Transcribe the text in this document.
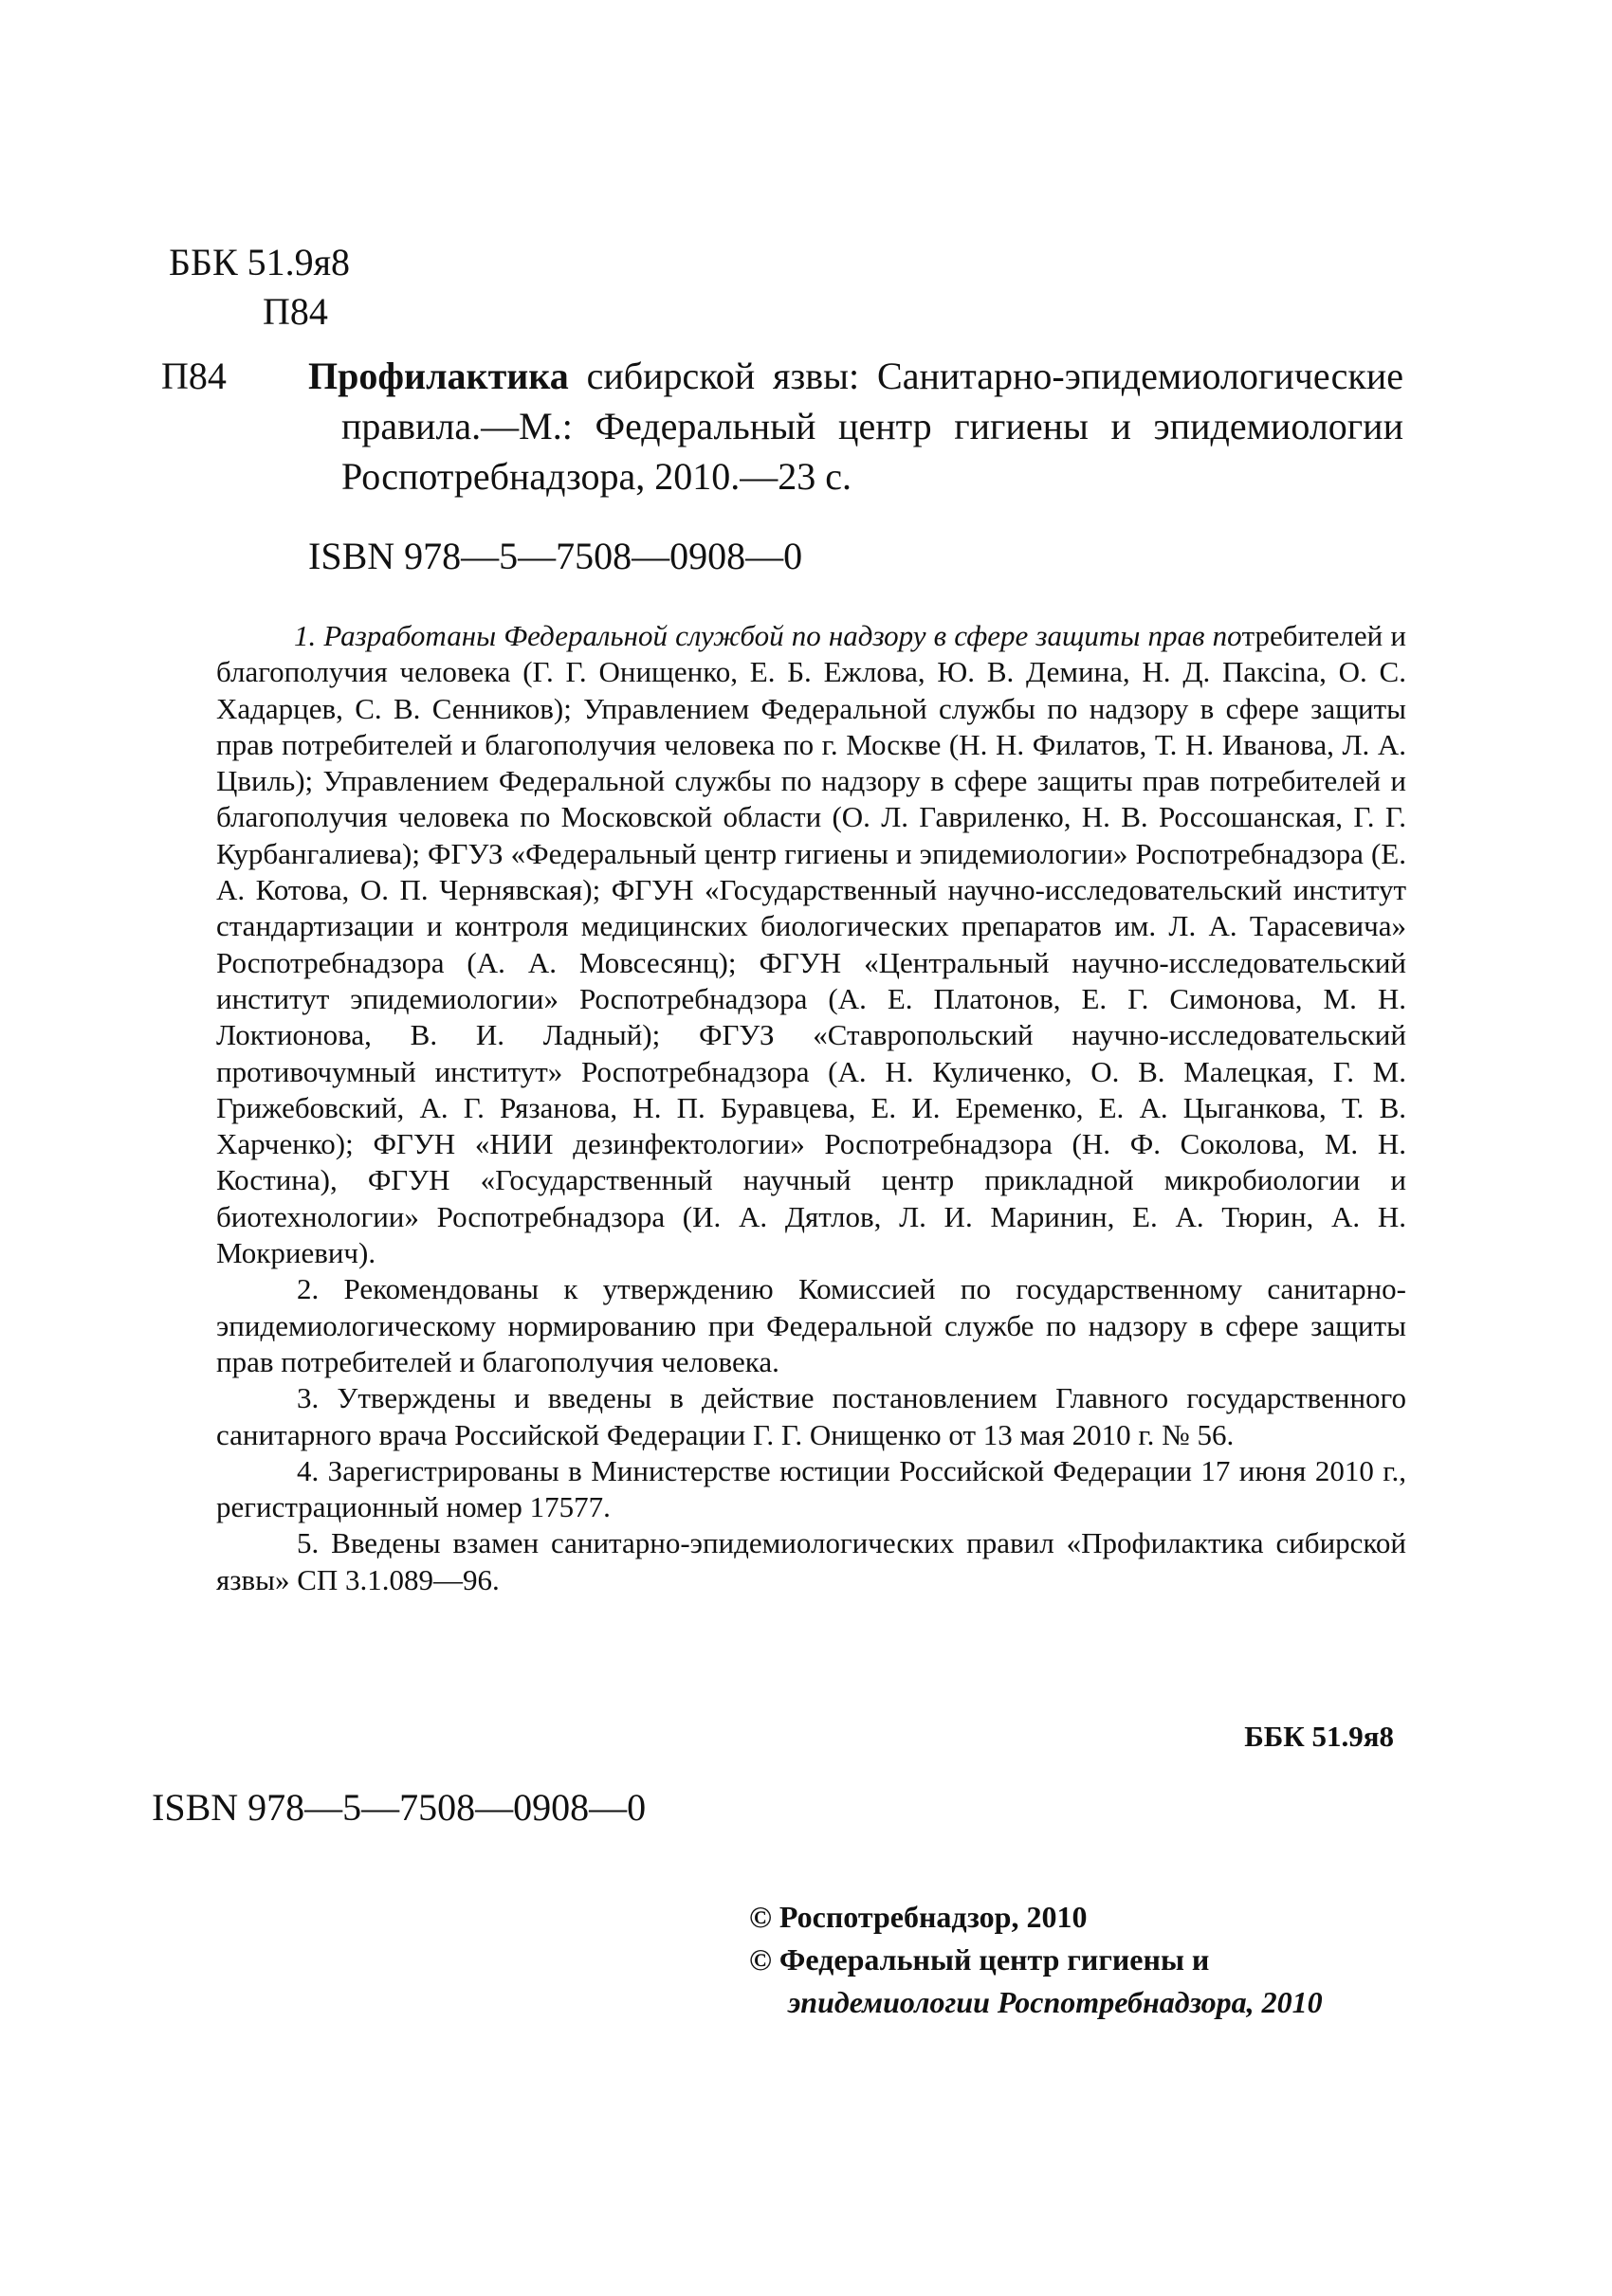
ББК 51.9я8
П84
П84 Профилактика сибирской язвы: Санитарно-эпидемиологические правила.—М.: Федеральный центр гигиены и эпидемиологии Роспотребнадзора, 2010.—23 с.
ISBN 978—5—7508—0908—0

1. Разработаны Федеральной службой по надзору в сфере защиты прав потребителей и благополучия человека (Г. Г. Онищенко, Е. Б. Ежлова, Ю. В. Демина, Н. Д. Паксina, О. С. Хадарцев, С. В. Сенников); Управлением Федеральной службы по надзору в сфере защиты прав потребителей и благополучия человека по г. Москве (Н. Н. Филатов, Т. Н. Иванова, Л. А. Цвиль); Управлением Федеральной службы по надзору в сфере защиты прав потребителей и благополучия человека по Московской области (О. Л. Гавриленко, Н. В. Россошанская, Г. Г. Курбангалиева); ФГУЗ «Федеральный центр гигиены и эпидемиологии» Роспотребнадзора (Е. А. Котова, О. П. Чернявская); ФГУН «Государственный научно-исследовательский институт стандартизации и контроля медицинских биологических препаратов им. Л. А. Тарасевича» Роспотребнадзора (А. А. Мовсесянц); ФГУН «Центральный научно-исследовательский институт эпидемиологии» Роспотребнадзора (А. Е. Платонов, Е. Г. Симонова, М. Н. Локтионова, В. И. Ладный); ФГУЗ «Ставропольский научно-исследовательский противочумный институт» Роспотребнадзора (А. Н. Куличенко, О. В. Малецкая, Г. М. Грижебовский, А. Г. Рязанова, Н. П. Буравцева, Е. И. Еременко, Е. А. Цыганкова, Т. В. Харченко); ФГУН «НИИ дезинфектологии» Роспотребнадзора (Н. Ф. Соколова, М. Н. Костина), ФГУН «Государственный научный центр прикладной микробиологии и биотехнологии» Роспотребнадзора (И. А. Дятлов, Л. И. Маринин, Е. А. Тюрин, А. Н. Мокриевич).

2. Рекомендованы к утверждению Комиссией по государственному санитарно-эпидемиологическому нормированию при Федеральной службе по надзору в сфере защиты прав потребителей и благополучия человека.

3. Утверждены и введены в действие постановлением Главного государственного санитарного врача Российской Федерации Г. Г. Онищенко от 13 мая 2010 г. № 56.

4. Зарегистрированы в Министерстве юстиции Российской Федерации 17 июня 2010 г., регистрационный номер 17577.

5. Введены взамен санитарно-эпидемиологических правил «Профилактика сибирской язвы» СП 3.1.089—96.

ББК 51.9я8
ISBN 978—5—7508—0908—0
© Роспотребнадзор, 2010
© Федеральный центр гигиены и
эпидемиологии Роспотребнадзора, 2010
